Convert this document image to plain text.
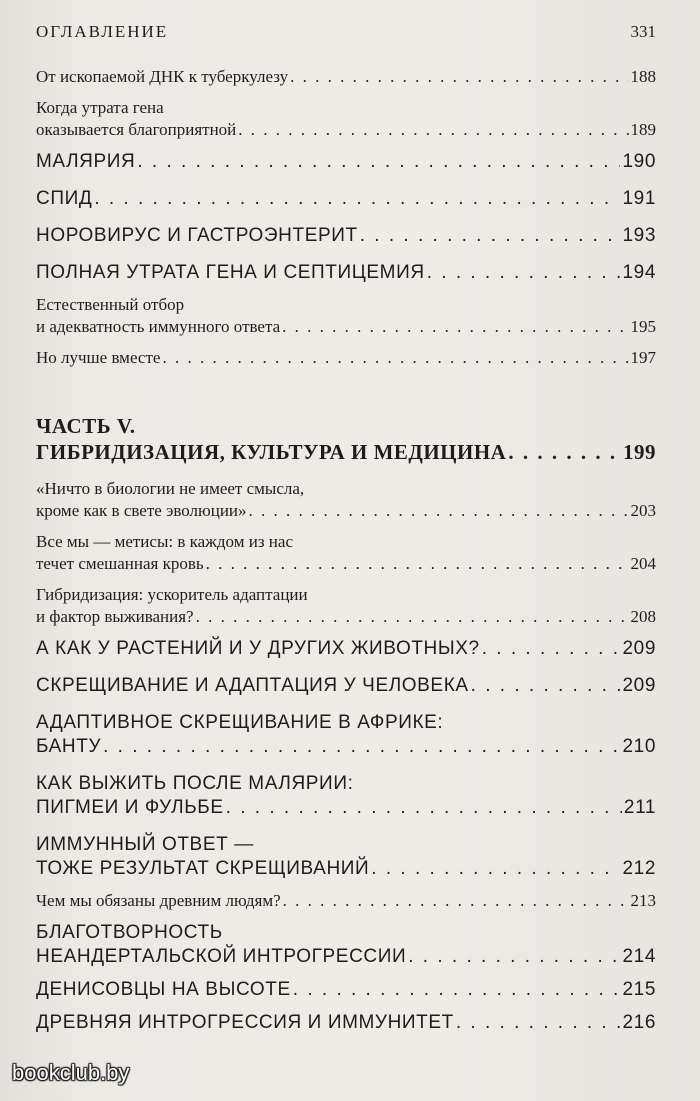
ОГЛАВЛЕНИЕ	331
От ископаемой ДНК к туберкулезу . . .	188
Когда утрата гена
оказывается благоприятной . . .	189
МАЛЯРИЯ . . .	190
СПИД . . .	191
НОРОВИРУС И ГАСТРОЭНТЕРИТ . . .	193
ПОЛНАЯ УТРАТА ГЕНА И СЕПТИЦЕМИЯ . . .	194
Естественный отбор
и адекватность иммунного ответа . . .	195
Но лучше вместе . . .	197
ЧАСТЬ V.
ГИБРИДИЗАЦИЯ, КУЛЬТУРА И МЕДИЦИНА . . .	199
«Ничто в биологии не имеет смысла,
кроме как в свете эволюции» . . .	203
Все мы — метисы: в каждом из нас
течет смешанная кровь . . .	204
Гибридизация: ускоритель адаптации
и фактор выживания? . . .	208
А КАК У РАСТЕНИЙ И У ДРУГИХ ЖИВОТНЫХ? . . .	209
СКРЕЩИВАНИЕ И АДАПТАЦИЯ У ЧЕЛОВЕКА . . .	209
АДАПТИВНОЕ СКРЕЩИВАНИЕ В АФРИКЕ:
БАНТУ . . .	210
КАК ВЫЖИТЬ ПОСЛЕ МАЛЯРИИ:
ПИГМЕИ И ФУЛЬБЕ . . .	211
ИММУННЫЙ ОТВЕТ —
ТОЖЕ РЕЗУЛЬТАТ СКРЕЩИВАНИЙ . . .	212
Чем мы обязаны древним людям? . . .	213
БЛАГОТВОРНОСТЬ
НЕАНДЕРТАЛЬСКОЙ ИНТРОГРЕССИИ . . .	214
ДЕНИСОВЦЫ НА ВЫСОТЕ . . .	215
ДРЕВНЯЯ ИНТРОГРЕССИЯ И ИММУНИТЕТ . . .	216
bookclub.by
